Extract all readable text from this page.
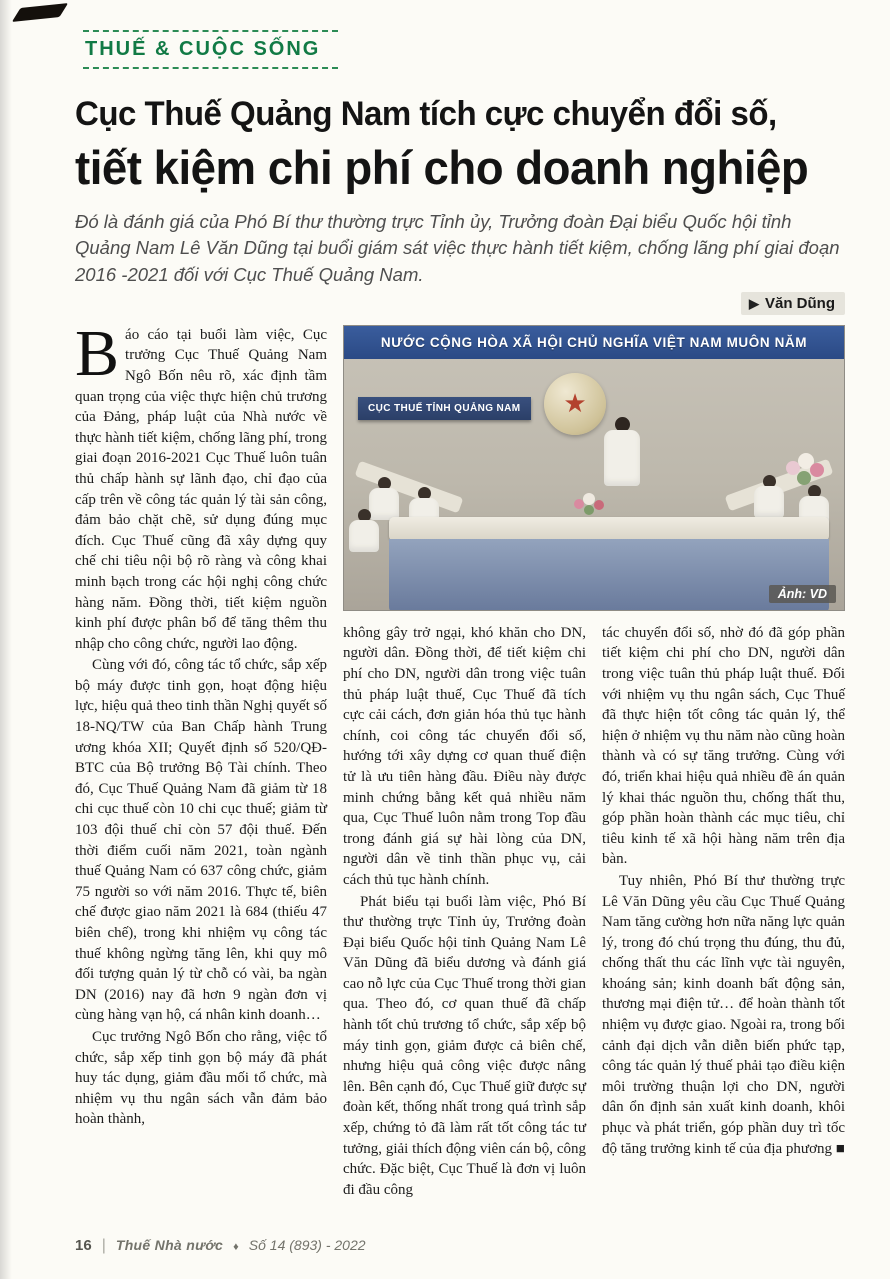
THUẾ & CUỘC SỐNG
Cục Thuế Quảng Nam tích cực chuyển đổi số,
tiết kiệm chi phí cho doanh nghiệp

Đó là đánh giá của Phó Bí thư thường trực Tỉnh ủy, Trưởng đoàn Đại biểu Quốc hội tỉnh Quảng Nam Lê Văn Dũng tại buổi giám sát việc thực hành tiết kiệm, chống lãng phí giai đoạn 2016 -2021 đối với Cục Thuế Quảng Nam.

▶ Văn Dũng

Báo cáo tại buổi làm việc, Cục trưởng Cục Thuế Quảng Nam Ngô Bốn nêu rõ, xác định tầm quan trọng của việc thực hiện chủ trương của Đảng, pháp luật của Nhà nước về thực hành tiết kiệm, chống lãng phí, trong giai đoạn 2016-2021 Cục Thuế luôn tuân thủ chấp hành sự lãnh đạo, chỉ đạo của cấp trên về công tác quản lý tài sản công, đảm bảo chặt chẽ, sử dụng đúng mục đích. Cục Thuế cũng đã xây dựng quy chế chi tiêu nội bộ rõ ràng và công khai minh bạch trong các hội nghị công chức hàng năm. Đồng thời, tiết kiệm nguồn kinh phí được phân bổ để tăng thêm thu nhập cho công chức, người lao động.

Cùng với đó, công tác tổ chức, sắp xếp bộ máy được tinh gọn, hoạt động hiệu lực, hiệu quả theo tinh thần Nghị quyết số 18-NQ/TW của Ban Chấp hành Trung ương khóa XII; Quyết định số 520/QĐ-BTC của Bộ trưởng Bộ Tài chính. Theo đó, Cục Thuế Quảng Nam đã giảm từ 18 chi cục thuế còn 10 chi cục thuế; giảm từ 103 đội thuế chỉ còn 57 đội thuế. Đến thời điểm cuối năm 2021, toàn ngành thuế Quảng Nam có 637 công chức, giảm 75 người so với năm 2016. Thực tế, biên chế được giao năm 2021 là 684 (thiếu 47 biên chế), trong khi nhiệm vụ công tác thuế không ngừng tăng lên, khi quy mô đối tượng quản lý từ chỗ có vài, ba ngàn DN (2016) nay đã hơn 9 ngàn đơn vị cùng hàng vạn hộ, cá nhân kinh doanh…

Cục trưởng Ngô Bốn cho rằng, việc tổ chức, sắp xếp tinh gọn bộ máy đã phát huy tác dụng, giảm đầu mối tổ chức, mà nhiệm vụ thu ngân sách vẫn đảm bảo hoàn thành,

NƯỚC CỘNG HÒA XÃ HỘI CHỦ NGHĨA VIỆT NAM MUÔN NĂM
★
CỤC THUẾ TỈNH QUẢNG NAM
Ảnh: VD

không gây trở ngại, khó khăn cho DN, người dân. Đồng thời, để tiết kiệm chi phí cho DN, người dân trong việc tuân thủ pháp luật thuế, Cục Thuế đã tích cực cải cách, đơn giản hóa thủ tục hành chính, coi công tác chuyển đổi số, hướng tới xây dựng cơ quan thuế điện tử là ưu tiên hàng đầu. Điều này được minh chứng bằng kết quả nhiều năm qua, Cục Thuế luôn nằm trong Top đầu trong đánh giá sự hài lòng của DN, người dân về tinh thần phục vụ, cải cách thủ tục hành chính.

Phát biểu tại buổi làm việc, Phó Bí thư thường trực Tỉnh ủy, Trưởng đoàn Đại biểu Quốc hội tỉnh Quảng Nam Lê Văn Dũng đã biểu dương và đánh giá cao nỗ lực của Cục Thuế trong thời gian qua. Theo đó, cơ quan thuế đã chấp hành tốt chủ trương tổ chức, sắp xếp bộ máy tinh gọn, giảm được cả biên chế, nhưng hiệu quả công việc được nâng lên. Bên cạnh đó, Cục Thuế giữ được sự đoàn kết, thống nhất trong quá trình sắp xếp, chứng tỏ đã làm rất tốt công tác tư tưởng, giải thích động viên cán bộ, công chức. Đặc biệt, Cục Thuế là đơn vị luôn đi đầu công

tác chuyển đổi số, nhờ đó đã góp phần tiết kiệm chi phí cho DN, người dân trong việc tuân thủ pháp luật thuế. Đối với nhiệm vụ thu ngân sách, Cục Thuế đã thực hiện tốt công tác quản lý, thể hiện ở nhiệm vụ thu năm nào cũng hoàn thành và có sự tăng trưởng. Cùng với đó, triển khai hiệu quả nhiều đề án quản lý khai thác nguồn thu, chống thất thu, góp phần hoàn thành các mục tiêu, chỉ tiêu kinh tế xã hội hàng năm trên địa bàn.

Tuy nhiên, Phó Bí thư thường trực Lê Văn Dũng yêu cầu Cục Thuế Quảng Nam tăng cường hơn nữa năng lực quản lý, trong đó chú trọng thu đúng, thu đủ, chống thất thu các lĩnh vực tài nguyên, khoáng sản; kinh doanh bất động sản, thương mại điện tử… để hoàn thành tốt nhiệm vụ được giao. Ngoài ra, trong bối cảnh đại dịch vẫn diễn biến phức tạp, công tác quản lý thuế phải tạo điều kiện môi trường thuận lợi cho DN, người dân ổn định sản xuất kinh doanh, khôi phục và phát triển, góp phần duy trì tốc độ tăng trưởng kinh tế của địa phương ■

16 | Thuế Nhà nước ♦ Số 14 (893) - 2022
